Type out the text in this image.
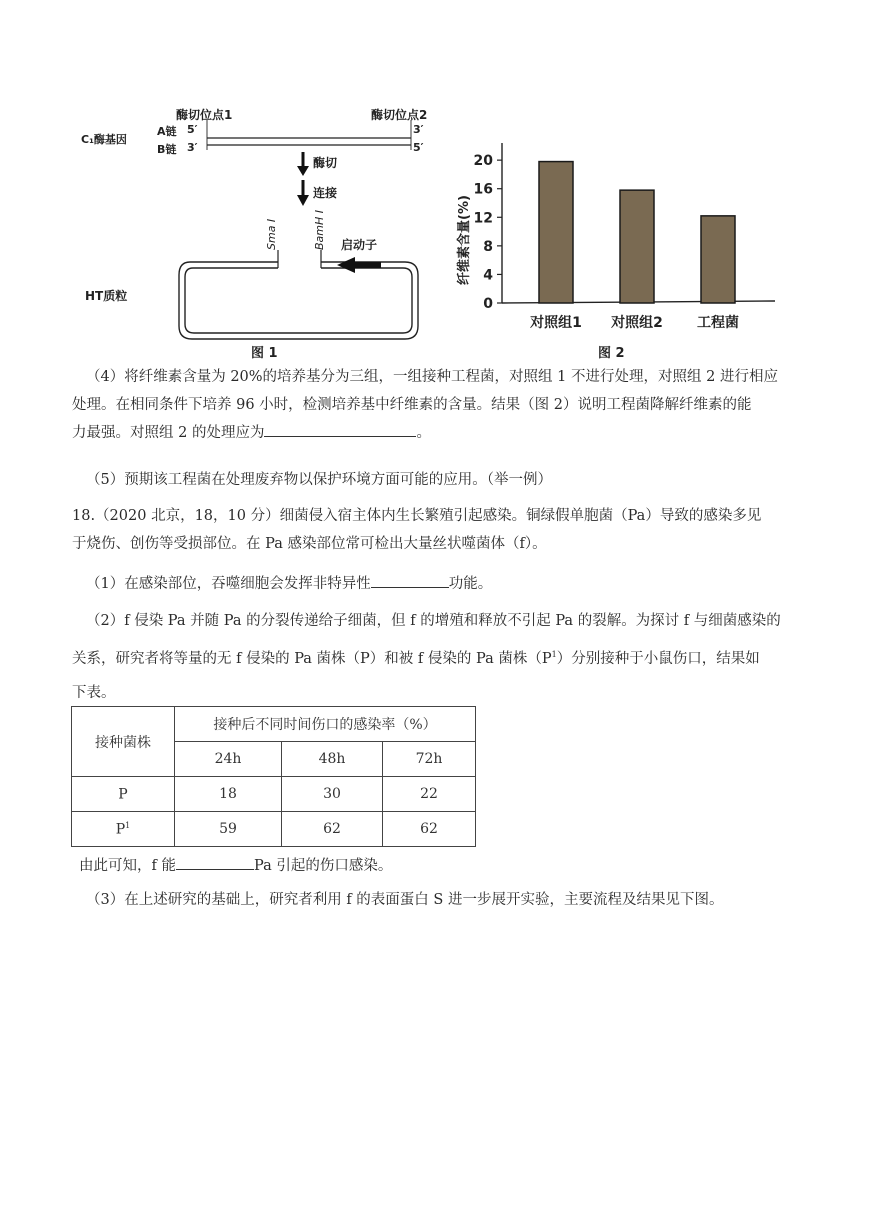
C₁酶基因
A链
B链
5′
3′
3′
5′
酶切位点1	酶切位点2
酶切
连接
Sma Ⅰ	BamH Ⅰ 启动子
HT质粒
图 1
0
4
8
12
16
20
对照组1 对照组2 工程菌
纤维素含量(%)
图 2
（4）将纤维素含量为 20%的培养基分为三组，一组接种工程菌，对照组 1 不进行处理，对照组 2 进行相应
处理。在相同条件下培养 96 小时，检测培养基中纤维素的含量。结果（图 2）说明工程菌降解纤维素的能
力最强。对照组 2 的处理应为	。
（5）预期该工程菌在处理废弃物以保护环境方面可能的应用。（举一例）
18.（2020 北京，18，10 分）细菌侵入宿主体内生长繁殖引起感染。铜绿假单胞菌（Pa）导致的感染多见
于烧伤、创伤等受损部位。在 Pa 感染部位常可检出大量丝状噬菌体（f）。
（1）在感染部位，吞噬细胞会发挥非特异性	功能。
（2）f 侵染 Pa 并随 Pa 的分裂传递给子细菌，但 f 的增殖和释放不引起 Pa 的裂解。为探讨 f 与细菌感染的
关系，研究者将等量的无 f 侵染的 Pa 菌株（P）和被 f 侵染的 Pa 菌株$(P^1)$分别接种于小鼠伤口，结果如
下表。
接种菌株	接种后不同时间伤口的感染率（%）		
	24h	48h	72h
P	18	30	22
$P^1$	59	62	62
由此可知，f 能	Pa 引起的伤口感染。
（3）在上述研究的基础上，研究者利用 f 的表面蛋白 S 进一步展开实验，主要流程及结果见下图。
